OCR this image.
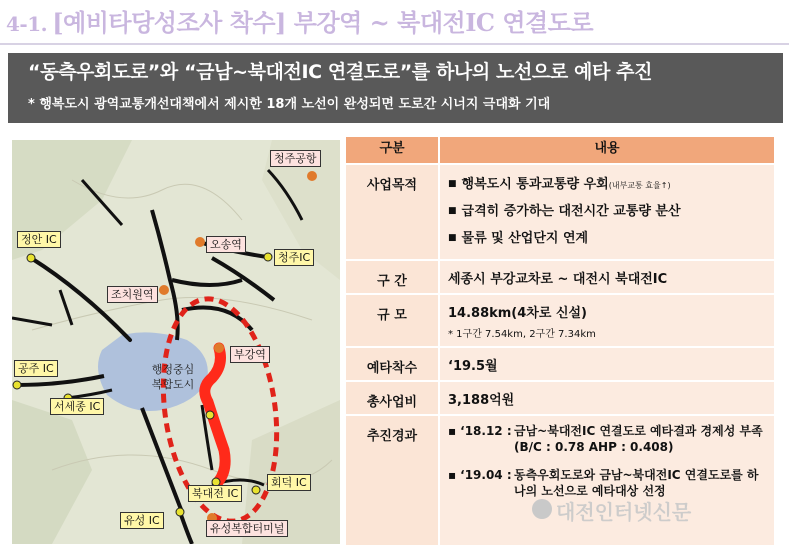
4-1. [예비타당성조사 착수] 부강역 ~ 북대전IC 연결도로
“동측우회도로”와 “금남~북대전IC 연결도로”를 하나의 노선으로 예타 추진
* 행복도시 광역교통개선대책에서 제시한 18개 노선이 완성되면 도로간 시너지 극대화 기대
청주공항
정안 IC	오송역
청주IC
조치원역
부강역
공주 IC
서세종 IC
회덕 IC
북대전 IC
유성 IC
유성복합터미널
행정중심
복합도시
구분	내용
사업목적	■ 행복도시 통과교통량 우회(내부교통 효율↑)
■ 급격히 증가하는 대전시간 교통량 분산
■ 물류 및 산업단지 연계

구 간	세종시 부강교차로 ~ 대전시 북대전IC
규 모	14.88km(4차로 신설)
* 1구간 7.54km, 2구간 7.34km

예타착수	‘19.5월
총사업비	3,188억원
추진경과	▪ ‘18.12 : 금남~북대전IC 연결도로 예타결과 경제성 부족(B/C : 0.78 AHP : 0.408)
▪ ‘19.04 : 동측우회도로와 금남~북대전IC 연결도로를 하나의 노선으로 예타대상 선정
대전인터넷신문
